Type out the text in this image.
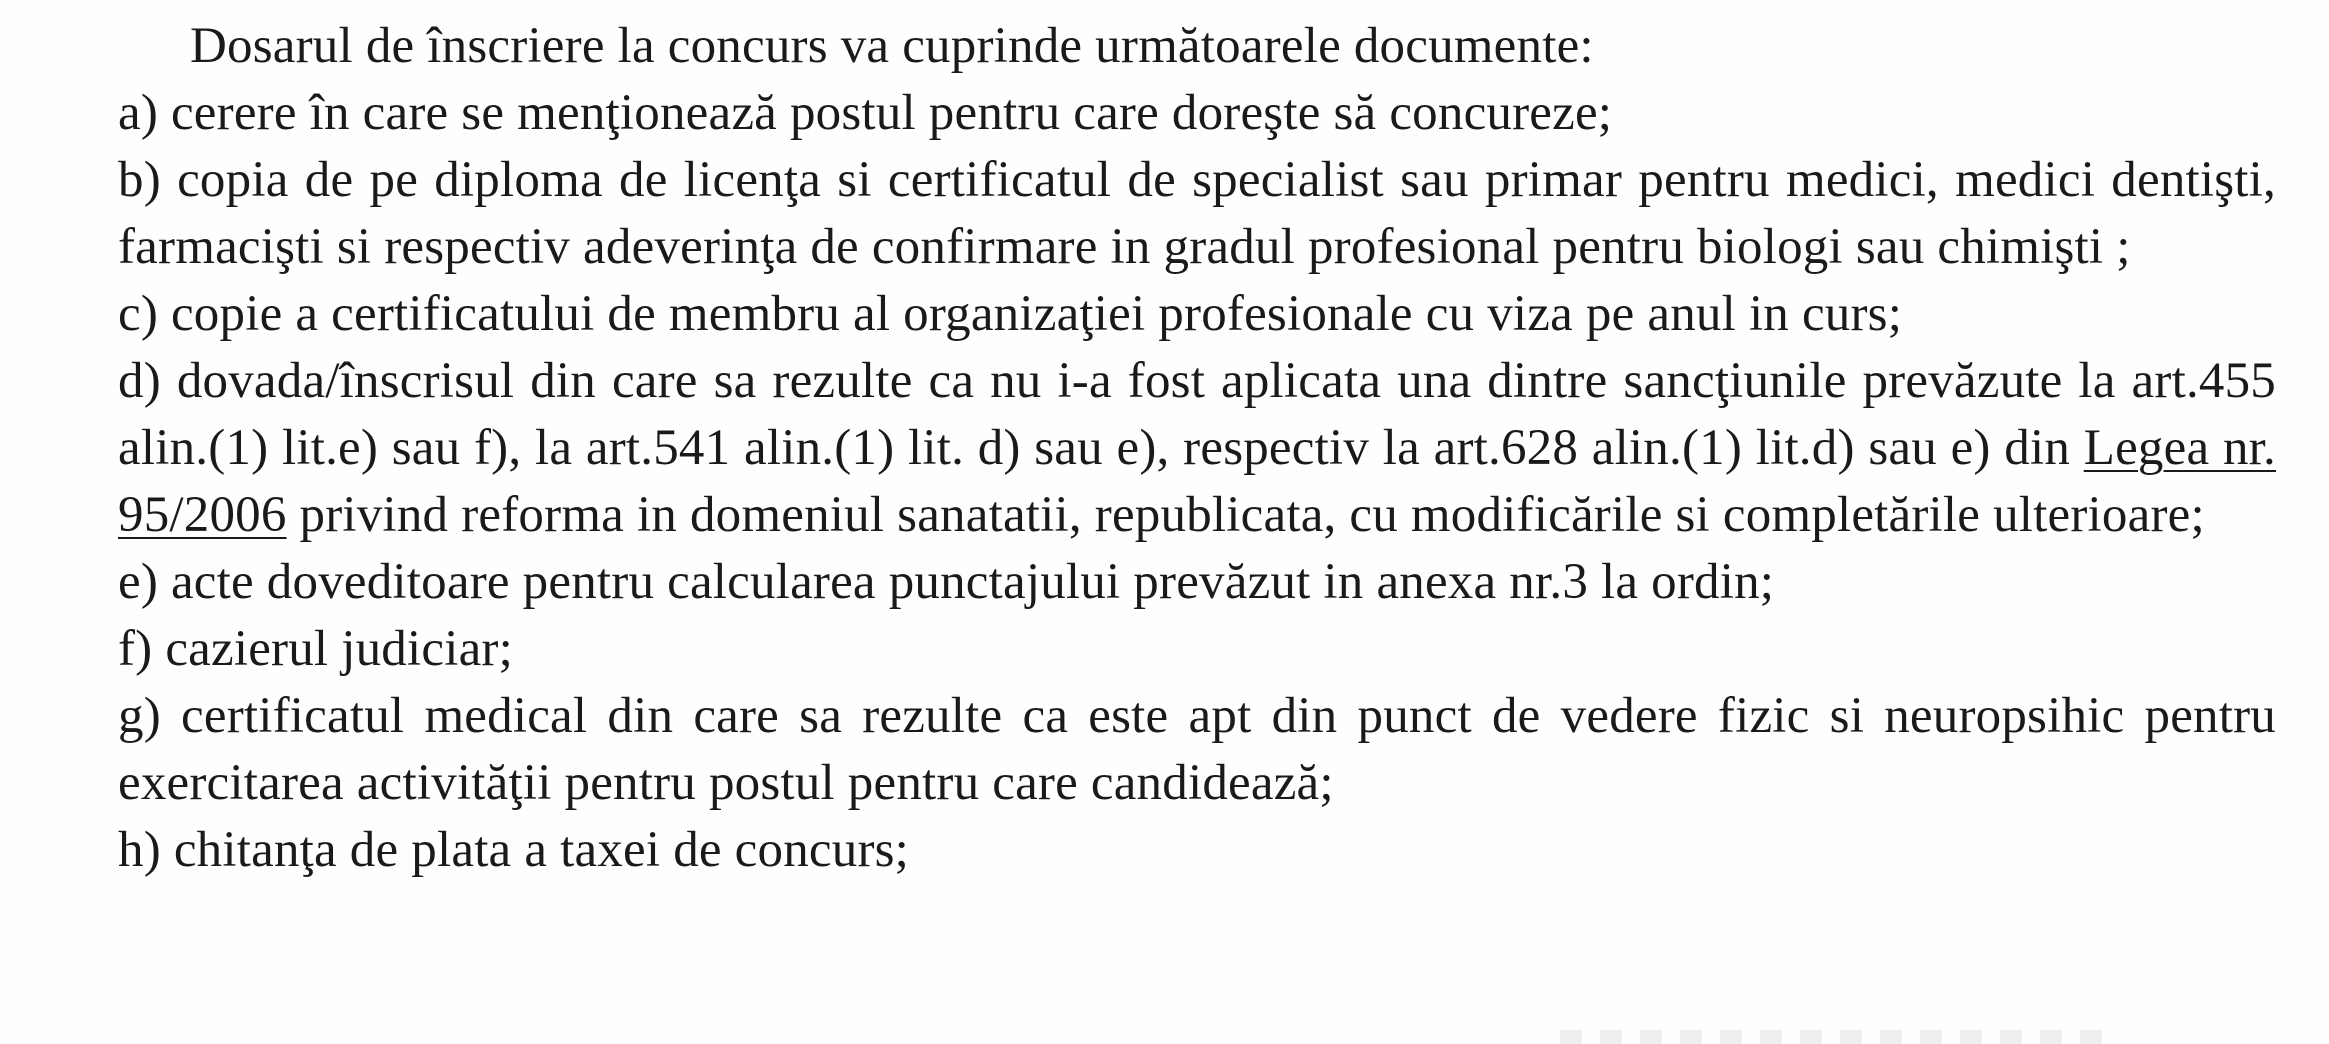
Dosarul de înscriere la concurs va cuprinde următoarele documente:
a) cerere în care se menţionează postul pentru care doreşte să concureze;
b) copia de pe diploma de licenţa si certificatul de specialist sau primar pentru medici, medici dentişti, farmacişti si respectiv adeverinţa de confirmare in gradul profesional pentru biologi sau chimişti ;
c) copie a certificatului de membru al organizaţiei profesionale cu viza pe anul in curs;
d) dovada/înscrisul din care sa rezulte ca nu i-a fost aplicata una dintre sancţiunile prevăzute la art.455 alin.(1) lit.e) sau f), la art.541 alin.(1) lit. d) sau e), respectiv la art.628 alin.(1) lit.d) sau e) din Legea nr. 95/2006 privind reforma in domeniul sanatatii, republicata, cu modificările si completările ulterioare;
e) acte doveditoare pentru calcularea punctajului prevăzut in anexa nr.3 la ordin;
f) cazierul judiciar;
g) certificatul medical din care sa rezulte ca este apt din punct de vedere fizic si neuropsihic pentru exercitarea activităţii pentru postul pentru care candidează;
h) chitanţa de plata a taxei de concurs;
